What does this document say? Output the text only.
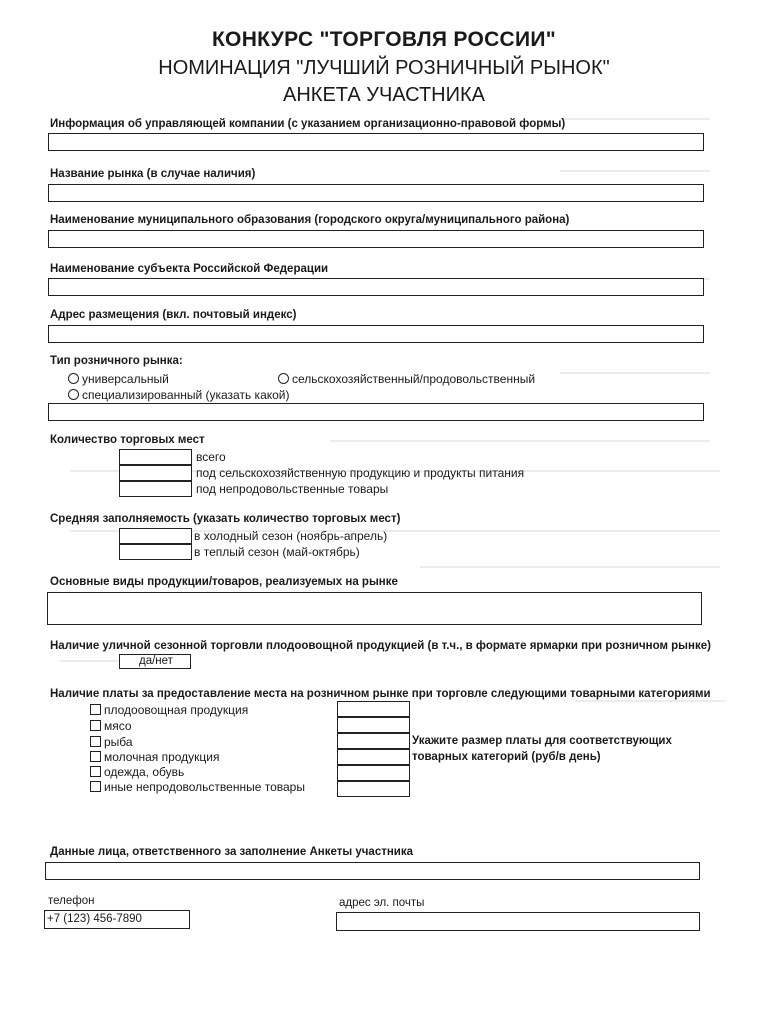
КОНКУРС "ТОРГОВЛЯ РОССИИ"
НОМИНАЦИЯ "ЛУЧШИЙ РОЗНИЧНЫЙ РЫНОК"
АНКЕТА УЧАСТНИКА
Информация об управляющей компании (с указанием организационно-правовой формы)
Название рынка (в случае наличия)
Наименование муниципального образования (городского округа/муниципального района)
Наименование субъекта Российской Федерации
Адрес размещения (вкл. почтовый индекс)
Тип розничного рынка:
универсальный	сельскохозяйственный/продовольственный
специализированный (указать какой)
Количество торговых мест
всего
под сельскохозяйственную продукцию и продукты питания
под непродовольственные товары
Средняя заполняемость (указать количество торговых мест)
в холодный сезон (ноябрь-апрель)
в теплый сезон (май-октябрь)
Основные виды продукции/товаров, реализуемых на рынке
Наличие уличной сезонной торговли плодоовощной продукцией (в т.ч., в формате ярмарки при розничном рынке)
да/нет
Наличие платы за предоставление места на розничном рынке при торговле следующими товарными категориями
плодоовощная продукция
мясо
рыба
молочная продукция
одежда, обувь
иные непродовольственные товары
Укажите размер платы для соответствующих
товарных категорий (руб/в день)
Данные лица, ответственного за заполнение Анкеты участника
телефон
+7 (123) 456-7890
адрес эл. почты
